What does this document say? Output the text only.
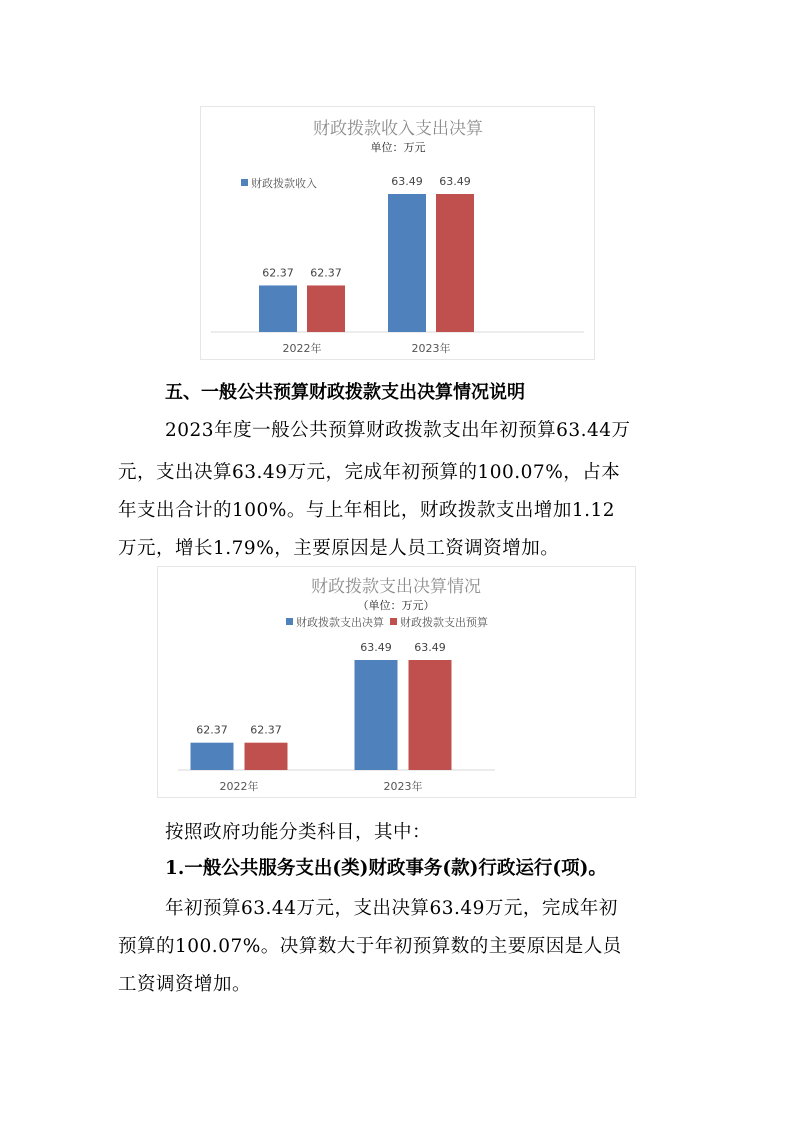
财政拨款收入支出决算
单位：万元
财政拨款收入
62.37 62.37
2022年
63.49 63.49
2023年
五、一般公共预算财政拨款支出决算情况说明
2023年度一般公共预算财政拨款支出年初预算63.44万
元，支出决算63.49万元，完成年初预算的100.07%，占本
年支出合计的100%。与上年相比，财政拨款支出增加1.12
万元，增长1.79%，主要原因是人员工资调资增加。
财政拨款支出决算情况
（单位：万元）
财政拨款支出决算 财政拨款支出预算
62.37 62.37
2022年
63.49 63.49
2023年
按照政府功能分类科目，其中：
1.一般公共服务支出(类)财政事务(款)行政运行(项)。
年初预算63.44万元，支出决算63.49万元，完成年初
预算的100.07%。决算数大于年初预算数的主要原因是人员
工资调资增加。
